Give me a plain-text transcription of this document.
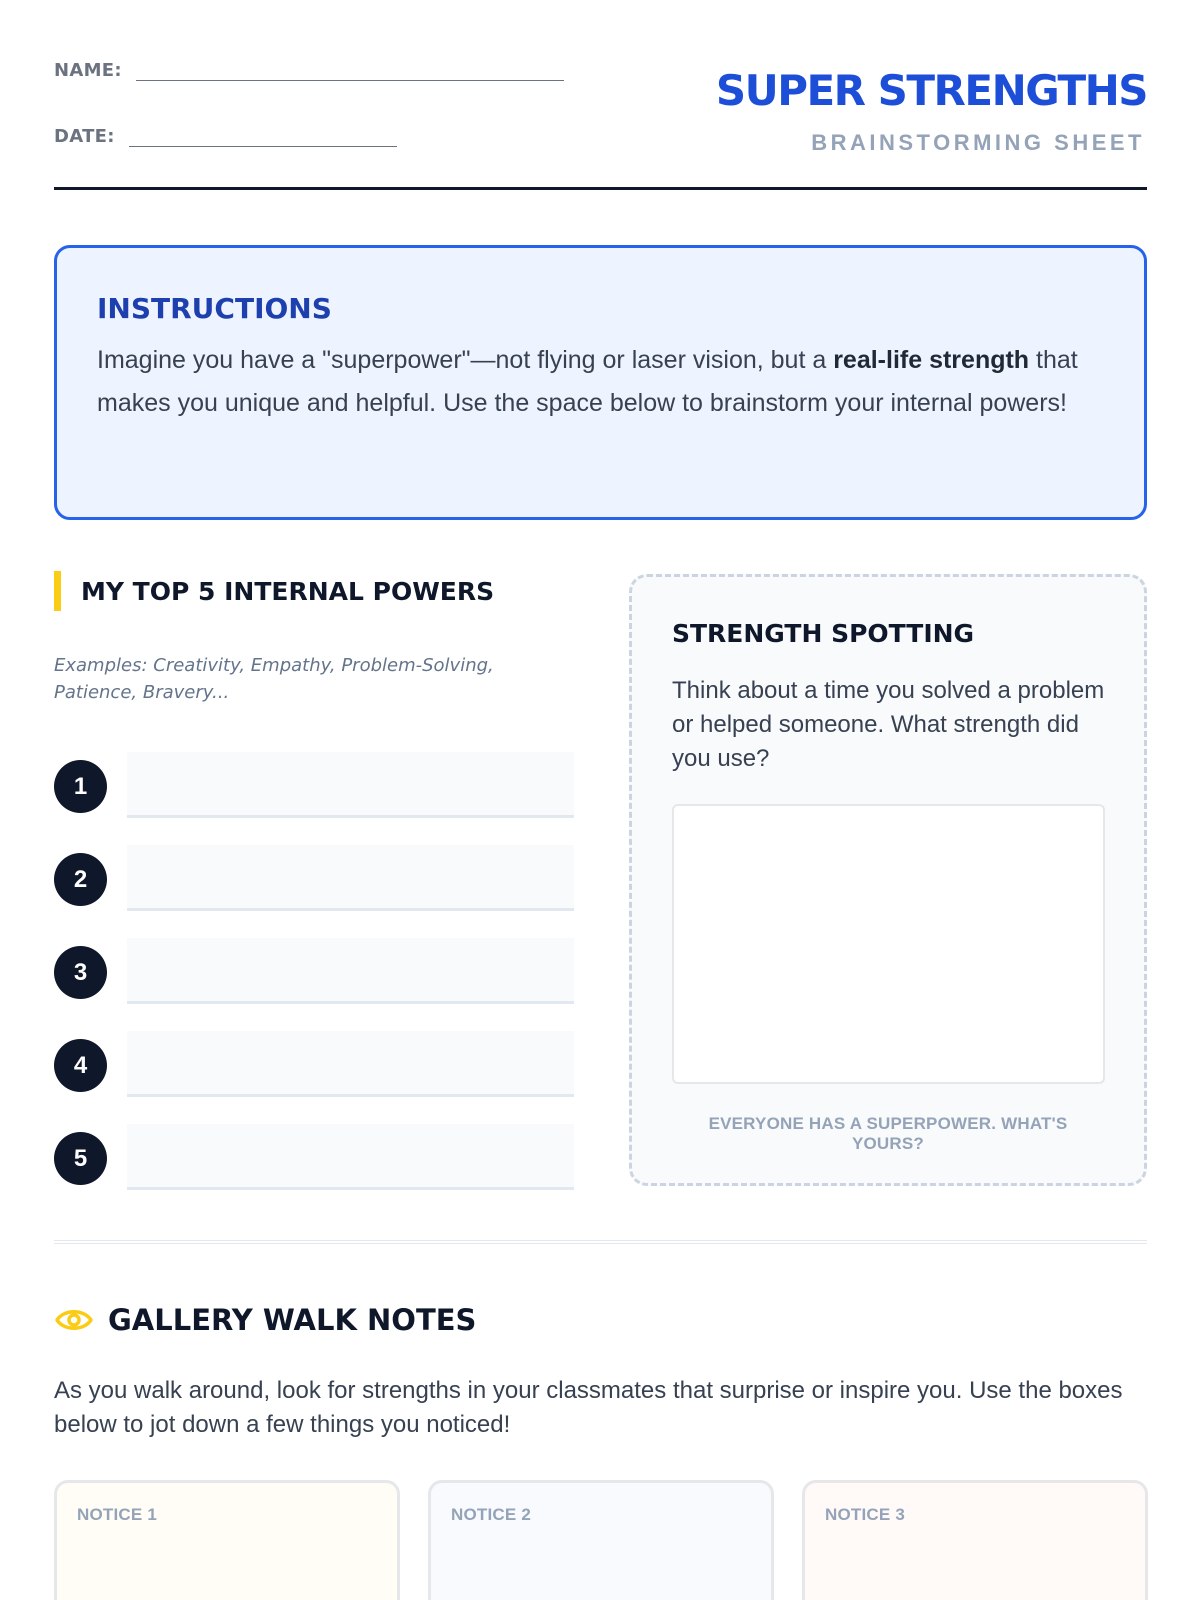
NAME:
DATE:
SUPER STRENGTHS
BRAINSTORMING SHEET
INSTRUCTIONS

Imagine you have a "superpower"—not flying or laser vision, but a real-life strength that makes you unique and helpful. Use the space below to brainstorm your internal powers!

MY TOP 5 INTERNAL POWERS
Examples: Creativity, Empathy, Problem-Solving, Patience, Bravery...
1
2
3
4
5
STRENGTH SPOTTING
Think about a time you solved a problem or helped someone. What strength did you use?
EVERYONE HAS A SUPERPOWER. WHAT'S YOURS?
GALLERY WALK NOTES
As you walk around, look for strengths in your classmates that surprise or inspire you. Use the boxes below to jot down a few things you noticed!
NOTICE 1	NOTICE 2	NOTICE 3
